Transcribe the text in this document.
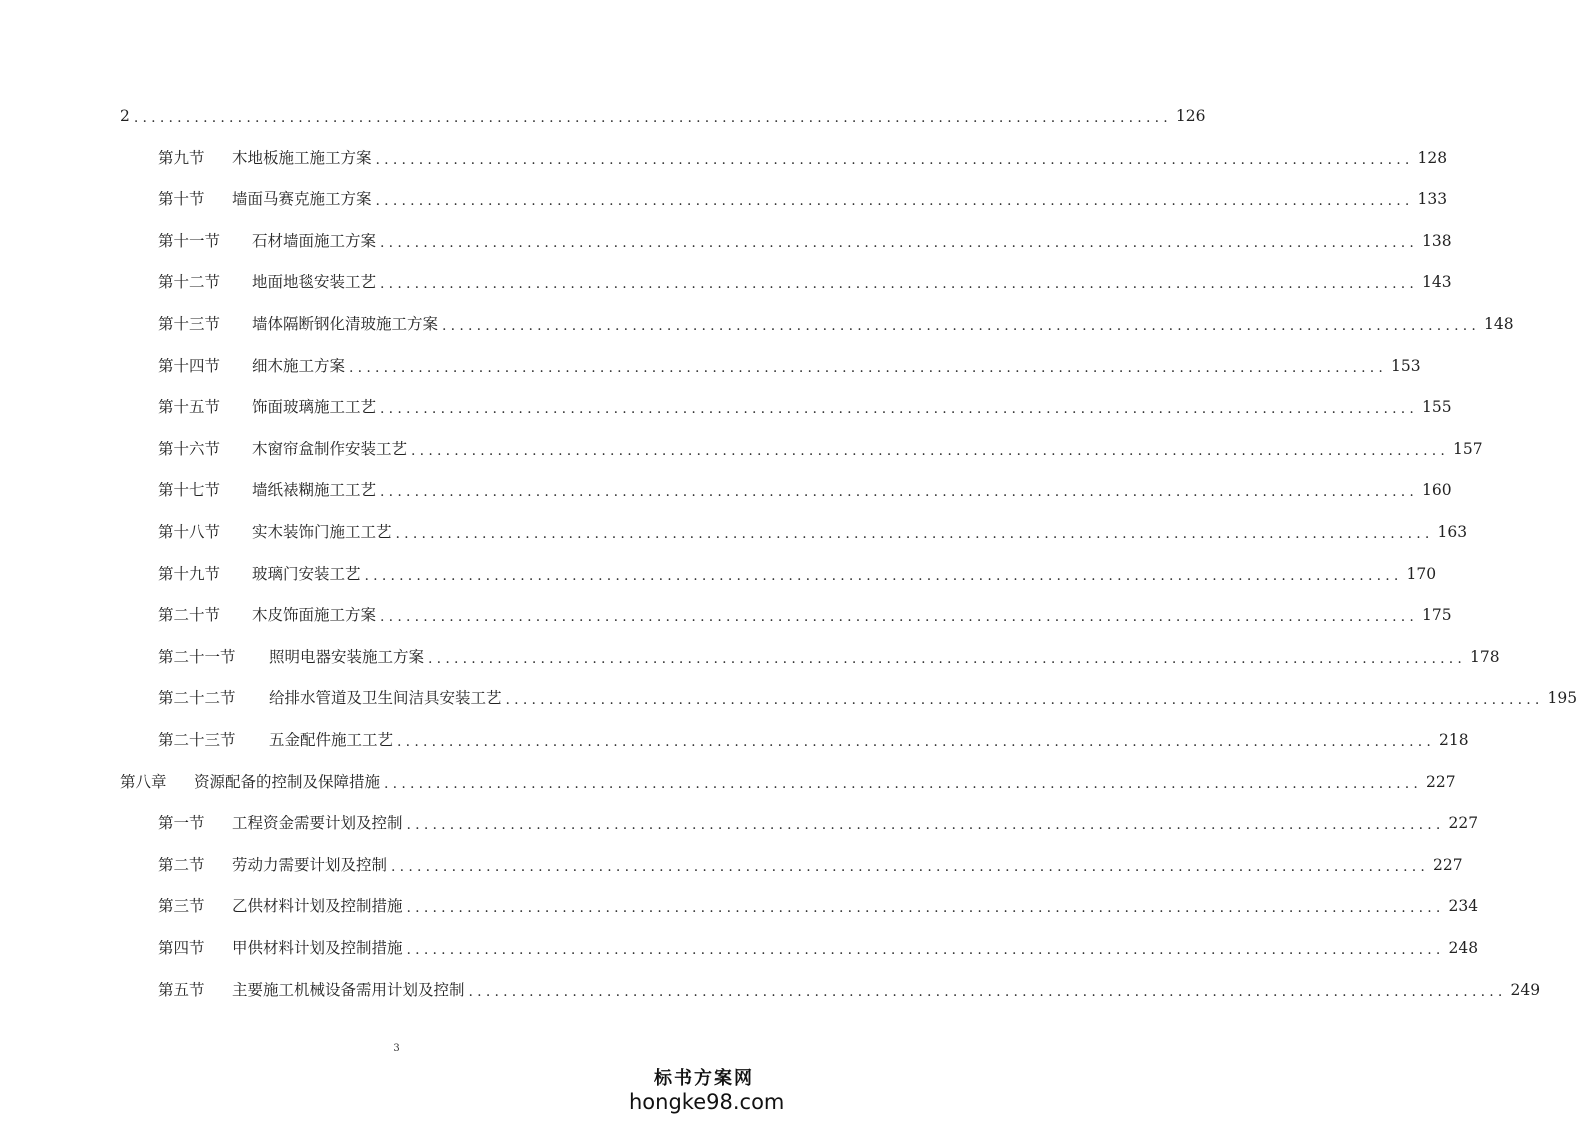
2 ........................................................................................................................ 126
第九节	木地板施工施工方案 ........................................................................................................................ 128
第十节	墙面马赛克施工方案 ........................................................................................................................ 133
第十一节	石材墙面施工方案 ........................................................................................................................ 138
第十二节	地面地毯安装工艺 ........................................................................................................................ 143
第十三节	墙体隔断钢化清玻施工方案 ........................................................................................................................ 148
第十四节	细木施工方案 ........................................................................................................................ 153
第十五节	饰面玻璃施工工艺 ........................................................................................................................ 155
第十六节	木窗帘盒制作安装工艺 ........................................................................................................................ 157
第十七节	墙纸裱糊施工工艺 ........................................................................................................................ 160
第十八节	实木装饰门施工工艺 ........................................................................................................................ 163
第十九节	玻璃门安装工艺 ........................................................................................................................ 170
第二十节	木皮饰面施工方案 ........................................................................................................................ 175
第二十一节	照明电器安装施工方案 ........................................................................................................................ 178
第二十二节	给排水管道及卫生间洁具安装工艺 ........................................................................................................................ 195
第二十三节	五金配件施工工艺 ........................................................................................................................ 218
第八章	资源配备的控制及保障措施 ........................................................................................................................ 227
第一节	工程资金需要计划及控制 ........................................................................................................................ 227
第二节	劳动力需要计划及控制 ........................................................................................................................ 227
第三节	乙供材料计划及控制措施 ........................................................................................................................ 234
第四节	甲供材料计划及控制措施 ........................................................................................................................ 248
第五节	主要施工机械设备需用计划及控制 ........................................................................................................................ 249
3
标书方案网
hongke98.com
